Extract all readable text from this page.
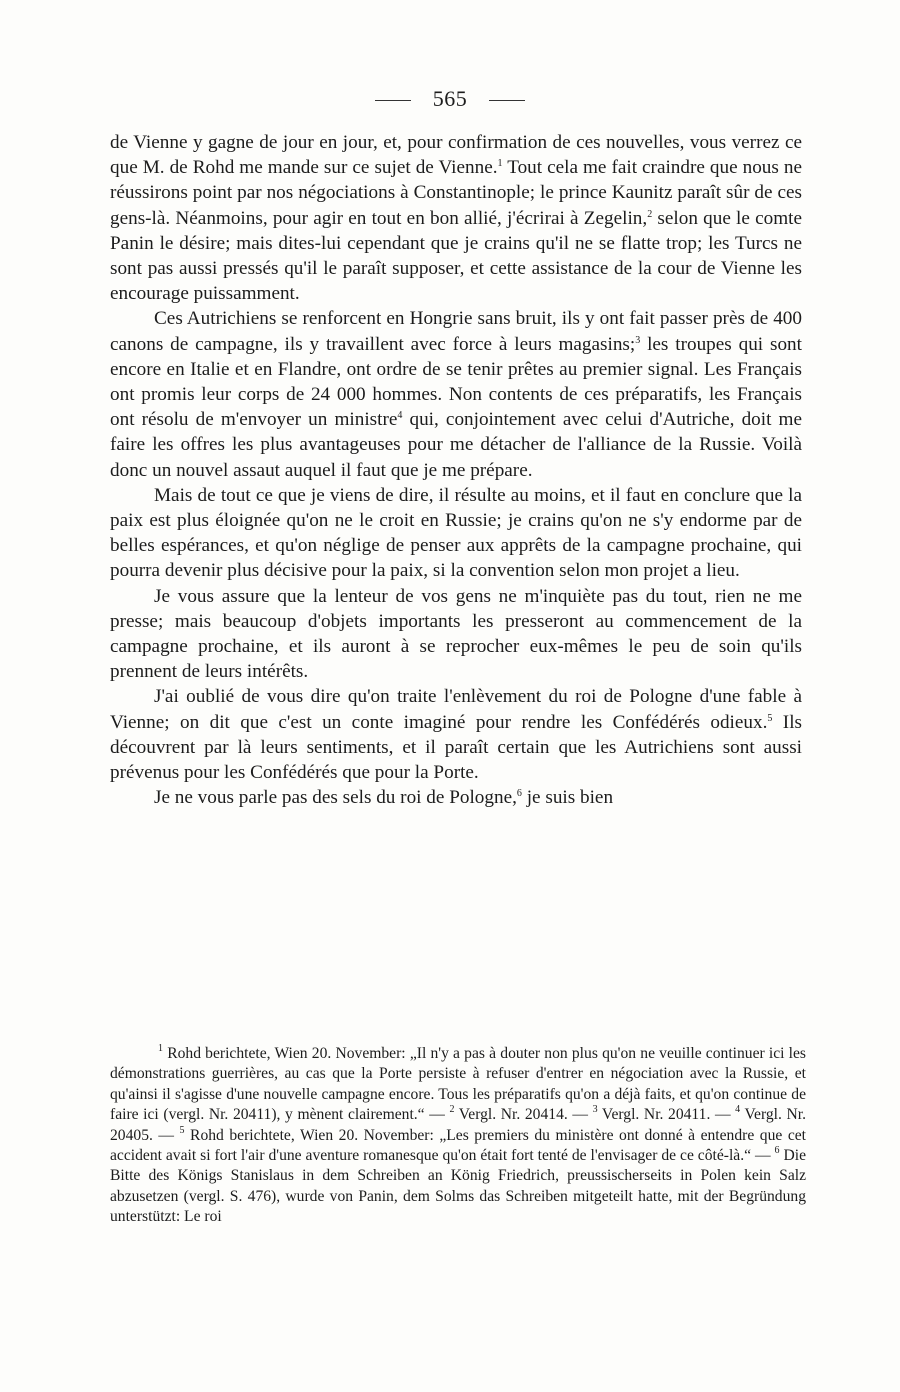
565

de Vienne y gagne de jour en jour, et, pour confirmation de ces nouvelles, vous verrez ce que M. de Rohd me mande sur ce sujet de Vienne.$^1$ Tout cela me fait craindre que nous ne réussirons point par nos négociations à Constantinople; le prince Kaunitz paraît sûr de ces gens-là. Néanmoins, pour agir en tout en bon allié, j'écrirai à Zegelin,$^2$ selon que le comte Panin le désire; mais dites-lui cependant que je crains qu'il ne se flatte trop; les Turcs ne sont pas aussi pressés qu'il le paraît supposer, et cette assistance de la cour de Vienne les encourage puissamment.

Ces Autrichiens se renforcent en Hongrie sans bruit, ils y ont fait passer près de 400 canons de campagne, ils y travaillent avec force à leurs magasins;$^3$ les troupes qui sont encore en Italie et en Flandre, ont ordre de se tenir prêtes au premier signal. Les Français ont promis leur corps de 24 000 hommes. Non contents de ces préparatifs, les Français ont résolu de m'envoyer un ministre$^4$ qui, conjointement avec celui d'Autriche, doit me faire les offres les plus avantageuses pour me détacher de l'alliance de la Russie. Voilà donc un nouvel assaut auquel il faut que je me prépare.

Mais de tout ce que je viens de dire, il résulte au moins, et il faut en conclure que la paix est plus éloignée qu'on ne le croit en Russie; je crains qu'on ne s'y endorme par de belles espérances, et qu'on néglige de penser aux apprêts de la campagne prochaine, qui pourra devenir plus décisive pour la paix, si la convention selon mon projet a lieu.

Je vous assure que la lenteur de vos gens ne m'inquiète pas du tout, rien ne me presse; mais beaucoup d'objets importants les presseront au commencement de la campagne prochaine, et ils auront à se reprocher eux-mêmes le peu de soin qu'ils prennent de leurs intérêts.

J'ai oublié de vous dire qu'on traite l'enlèvement du roi de Pologne d'une fable à Vienne; on dit que c'est un conte imaginé pour rendre les Confédérés odieux.$^5$ Ils découvrent par là leurs sentiments, et il paraît certain que les Autrichiens sont aussi prévenus pour les Confédérés que pour la Porte.

Je ne vous parle pas des sels du roi de Pologne,$^6$ je suis bien

$^1$ Rohd berichtete, Wien 20. November: „Il n'y a pas à douter non plus qu'on ne veuille continuer ici les démonstrations guerrières, au cas que la Porte persiste à refuser d'entrer en négociation avec la Russie, et qu'ainsi il s'agisse d'une nouvelle campagne encore. Tous les préparatifs qu'on a déjà faits, et qu'on continue de faire ici (vergl. Nr. 20411), y mènent clairement.“ — $^2$ Vergl. Nr. 20414. — $^3$ Vergl. Nr. 20411. — $^4$ Vergl. Nr. 20405. — $^5$ Rohd berichtete, Wien 20. November: „Les premiers du ministère ont donné à entendre que cet accident avait si fort l'air d'une aventure romanesque qu'on était fort tenté de l'envisager de ce côté-là.“ — $^6$ Die Bitte des Königs Stanislaus in dem Schreiben an König Friedrich, preussischerseits in Polen kein Salz abzusetzen (vergl. S. 476), wurde von Panin, dem Solms das Schreiben mitgeteilt hatte, mit der Begründung unterstützt: Le roi
